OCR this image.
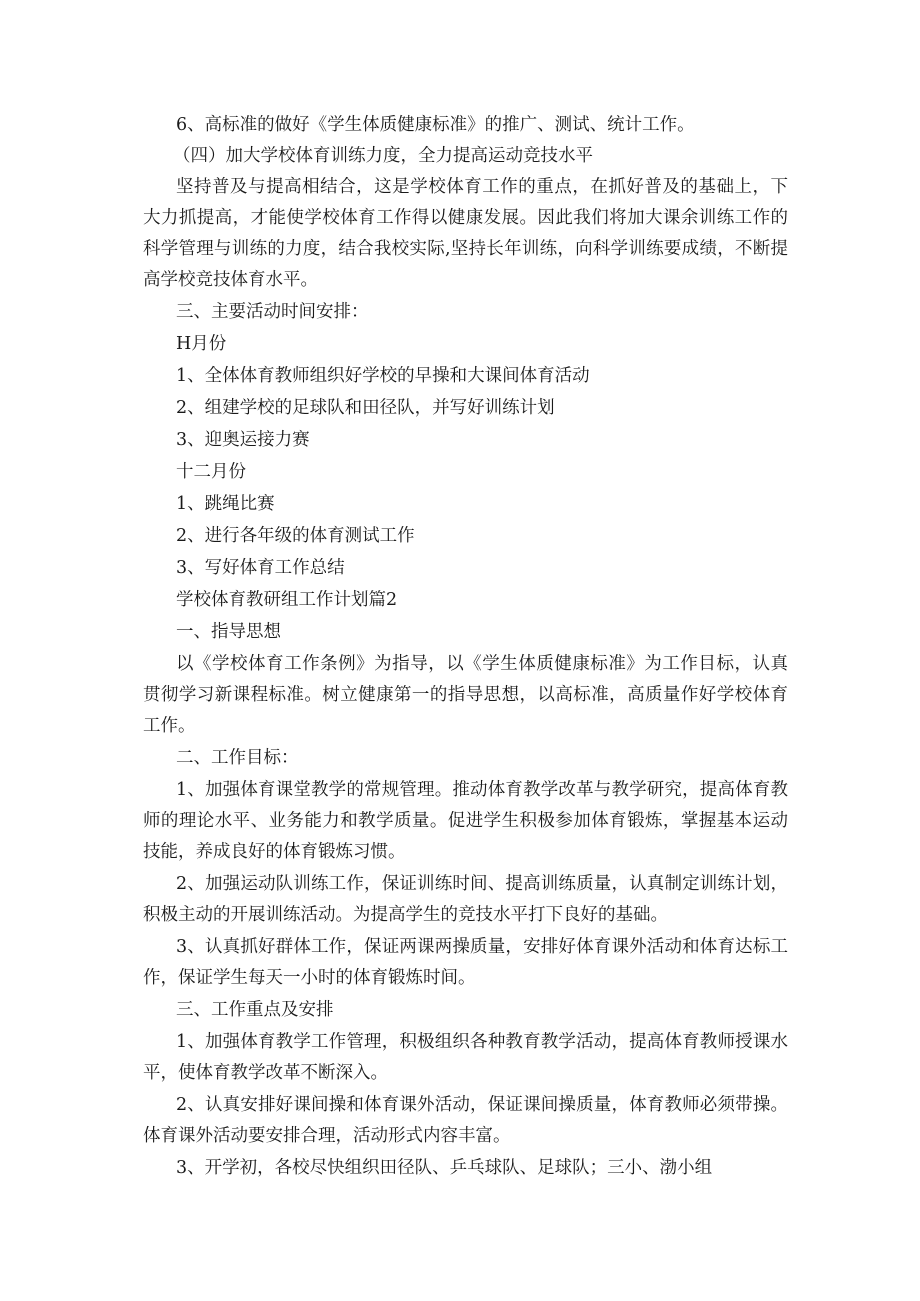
6、高标准的做好《学生体质健康标准》的推广、测试、统计工作。

（四）加大学校体育训练力度，全力提高运动竞技水平

坚持普及与提高相结合，这是学校体育工作的重点，在抓好普及的基础上，下大力抓提高，才能使学校体育工作得以健康发展。因此我们将加大课余训练工作的科学管理与训练的力度，结合我校实际,坚持长年训练，向科学训练要成绩，不断提高学校竞技体育水平。

三、主要活动时间安排：

H月份

1、全体体育教师组织好学校的早操和大课间体育活动

2、组建学校的足球队和田径队，并写好训练计划

3、迎奥运接力赛

十二月份

1、跳绳比赛

2、进行各年级的体育测试工作

3、写好体育工作总结

学校体育教研组工作计划篇2

一、指导思想

以《学校体育工作条例》为指导，以《学生体质健康标准》为工作目标，认真贯彻学习新课程标准。树立健康第一的指导思想，以高标准，高质量作好学校体育工作。

二、工作目标：

1、加强体育课堂教学的常规管理。推动体育教学改革与教学研究，提高体育教师的理论水平、业务能力和教学质量。促进学生积极参加体育锻炼，掌握基本运动技能，养成良好的体育锻炼习惯。

2、加强运动队训练工作，保证训练时间、提高训练质量，认真制定训练计划，积极主动的开展训练活动。为提高学生的竞技水平打下良好的基础。

3、认真抓好群体工作，保证两课两操质量，安排好体育课外活动和体育达标工作，保证学生每天一小时的体育锻炼时间。

三、工作重点及安排

1、加强体育教学工作管理，积极组织各种教育教学活动，提高体育教师授课水平，使体育教学改革不断深入。

2、认真安排好课间操和体育课外活动，保证课间操质量，体育教师必须带操。体育课外活动要安排合理，活动形式内容丰富。

3、开学初，各校尽快组织田径队、乒乓球队、足球队；三小、渤小组
